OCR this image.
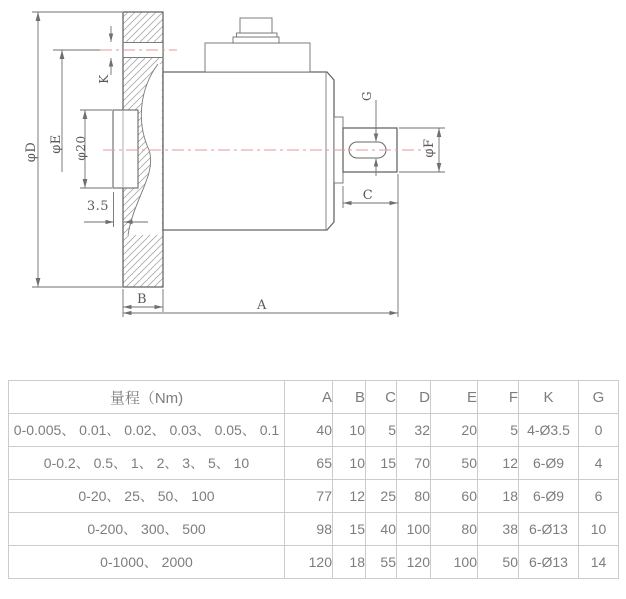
φD φE φ20
K
3.5
G
φF
C
B	A
量程（Nm)	A	B	C	D	E	F	K	G
0-0.005、 0.01、 0.02、 0.03、 0.05、 0.1	40	10	5	32	20	5	4-Ø3.5	0
0-0.2、 0.5、 1、 2、 3、 5、 10	65	10	15	70	50	12	6-Ø9	4
0-20、 25、 50、 100	77	12	25	80	60	18	6-Ø9	6
0-200、 300、 500	98	15	40	100	80	38	6-Ø13	10
0-1000、 2000	120	18	55	120	100	50	6-Ø13	14
